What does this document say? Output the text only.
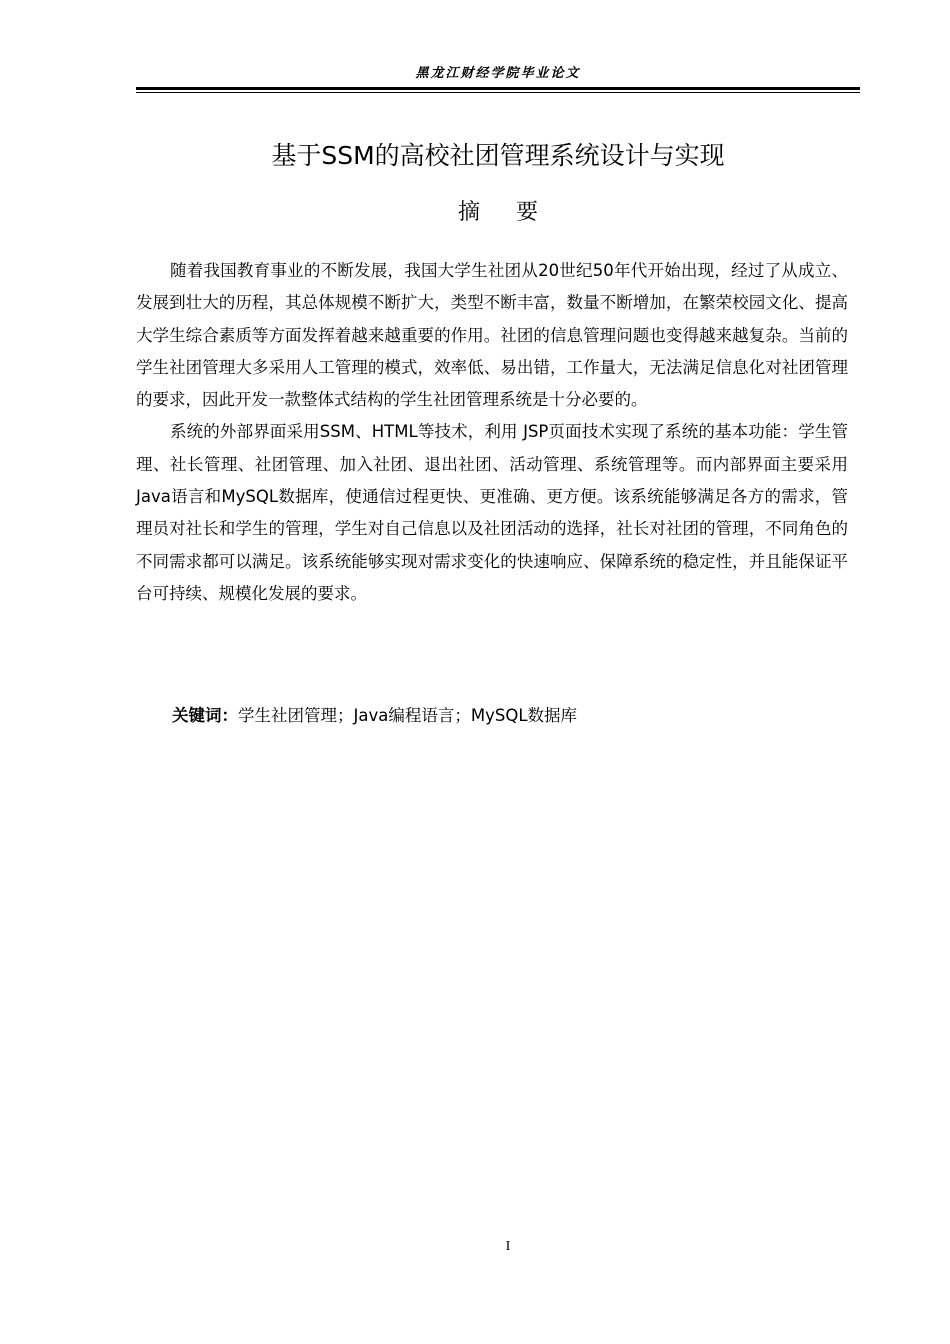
黑龙江财经学院毕业论文
基于SSM的高校社团管理系统设计与实现
摘 要

随着我国教育事业的不断发展，我国大学生社团从20世纪50年代开始出现，经过了从成立、发展到壮大的历程，其总体规模不断扩大，类型不断丰富，数量不断增加，在繁荣校园文化、提高大学生综合素质等方面发挥着越来越重要的作用。社团的信息管理问题也变得越来越复杂。当前的学生社团管理大多采用人工管理的模式，效率低、易出错，工作量大，无法满足信息化对社团管理的要求，因此开发一款整体式结构的学生社团管理系统是十分必要的。

系统的外部界面采用SSM、HTML等技术，利用 JSP页面技术实现了系统的基本功能：学生管理、社长管理、社团管理、加入社团、退出社团、活动管理、系统管理等。而内部界面主要采用Java语言和MySQL数据库，使通信过程更快、更准确、更方便。该系统能够满足各方的需求，管理员对社长和学生的管理，学生对自己信息以及社团活动的选择，社长对社团的管理，不同角色的不同需求都可以满足。该系统能够实现对需求变化的快速响应、保障系统的稳定性，并且能保证平台可持续、规模化发展的要求。

关键词：学生社团管理；Java编程语言；MySQL数据库
I
